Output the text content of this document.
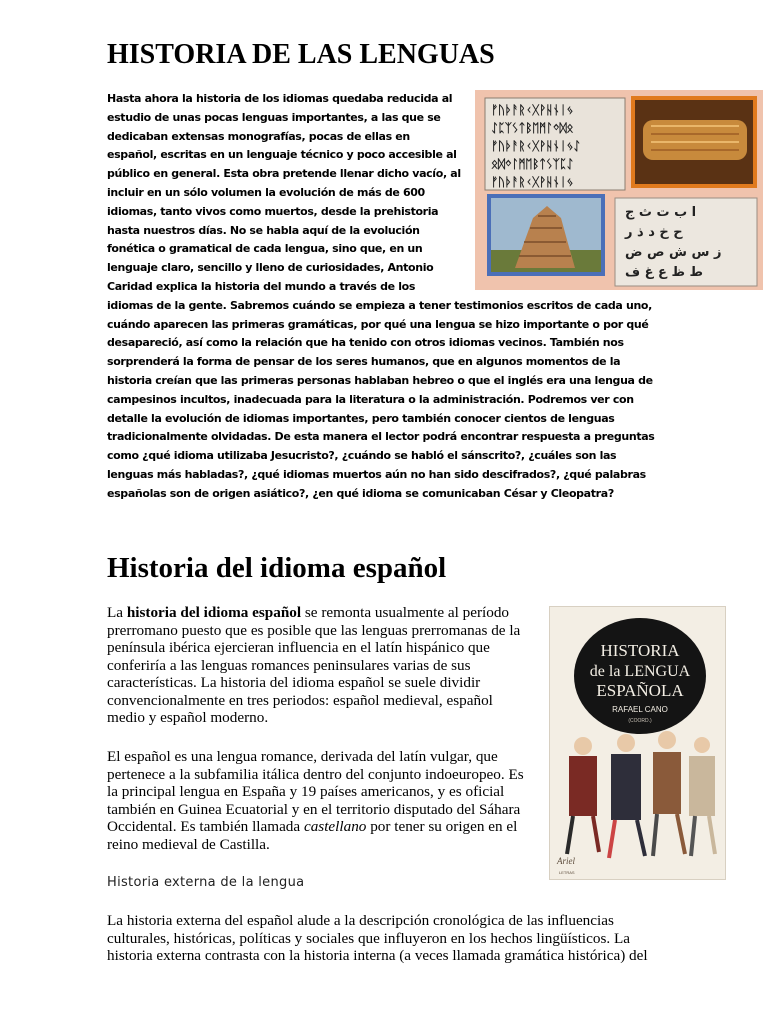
HISTORIA DE LAS LENGUAS

ᚠᚢᚦᚨᚱᚲᚷᚹᚺᚾᛁᛃ
ᛇᛈᛉᛊᛏᛒᛖᛗᛚᛜᛞᛟ
ᚠᚢᚦᚨᚱᚲᚷᚹᚺᚾᛁᛃᛇ
ᛟᛞᛜᛚᛗᛖᛒᛏᛊᛉᛈᛇ
ᚠᚢᚦᚨᚱᚲᚷᚹᚺᚾᛁᛃ
ا ب ت ث ج
ح خ د ذ ر
ز س ش ص ض
ط ظ ع غ ف
Hasta ahora la historia de los idiomas quedaba reducida al estudio de unas pocas lenguas importantes, a las que se dedicaban extensas monografías, pocas de ellas en español, escritas en un lenguaje técnico y poco accesible al público en general. Esta obra pretende llenar dicho vacío, al incluir en un sólo volumen la evolución de más de 600 idiomas, tanto vivos como muertos, desde la prehistoria hasta nuestros días. No se habla aquí de la evolución fonética o gramatical de cada lengua, sino que, en un lenguaje claro, sencillo y lleno de curiosidades, Antonio Caridad explica la historia del mundo a través de los idiomas de la gente. Sabremos cuándo se empieza a tener testimonios escritos de cada uno, cuándo aparecen las primeras gramáticas, por qué una lengua se hizo importante o por qué desapareció, así como la relación que ha tenido con otros idiomas vecinos. También nos sorprenderá la forma de pensar de los seres humanos, que en algunos momentos de la historia creían que las primeras personas hablaban hebreo o que el inglés era una lengua de campesinos incultos, inadecuada para la literatura o la administración. Podremos ver con detalle la evolución de idiomas importantes, pero también conocer cientos de lenguas tradicionalmente olvidadas. De esta manera el lector podrá encontrar respuesta a preguntas como ¿qué idioma utilizaba Jesucristo?, ¿cuándo se habló el sánscrito?, ¿cuáles son las lenguas más habladas?, ¿qué idiomas muertos aún no han sido descifrados?, ¿qué palabras españolas son de origen asiático?, ¿en qué idioma se comunicaban César y Cleopatra?

Historia del idioma español

La historia del idioma español se remonta usualmente al período prerromano puesto que es posible que las lenguas prerromanas de la península ibérica ejercieran influencia en el latín hispánico que conferiría a las lenguas romances peninsulares varias de sus características. La historia del idioma español se suele dividir convencionalmente en tres periodos: español medieval, español medio y español moderno.

El español es una lengua romance, derivada del latín vulgar, que pertenece a la subfamilia itálica dentro del conjunto indoeuropeo. Es la principal lengua en España y 19 países americanos, y es oficial también en Guinea Ecuatorial y en el territorio disputado del Sáhara Occidental. Es también llamada castellano por tener su origen en el reino medieval de Castilla.

Historia externa de la lengua

La historia externa del español alude a la descripción cronológica de las influencias culturales, históricas, políticas y sociales que influyeron en los hechos lingüísticos. La historia externa contrasta con la historia interna (a veces llamada gramática histórica) del

HISTORIA
de la LENGUA
ESPAÑOLA
RAFAEL CANO
(COORD.)
Ariel
LETRAS
